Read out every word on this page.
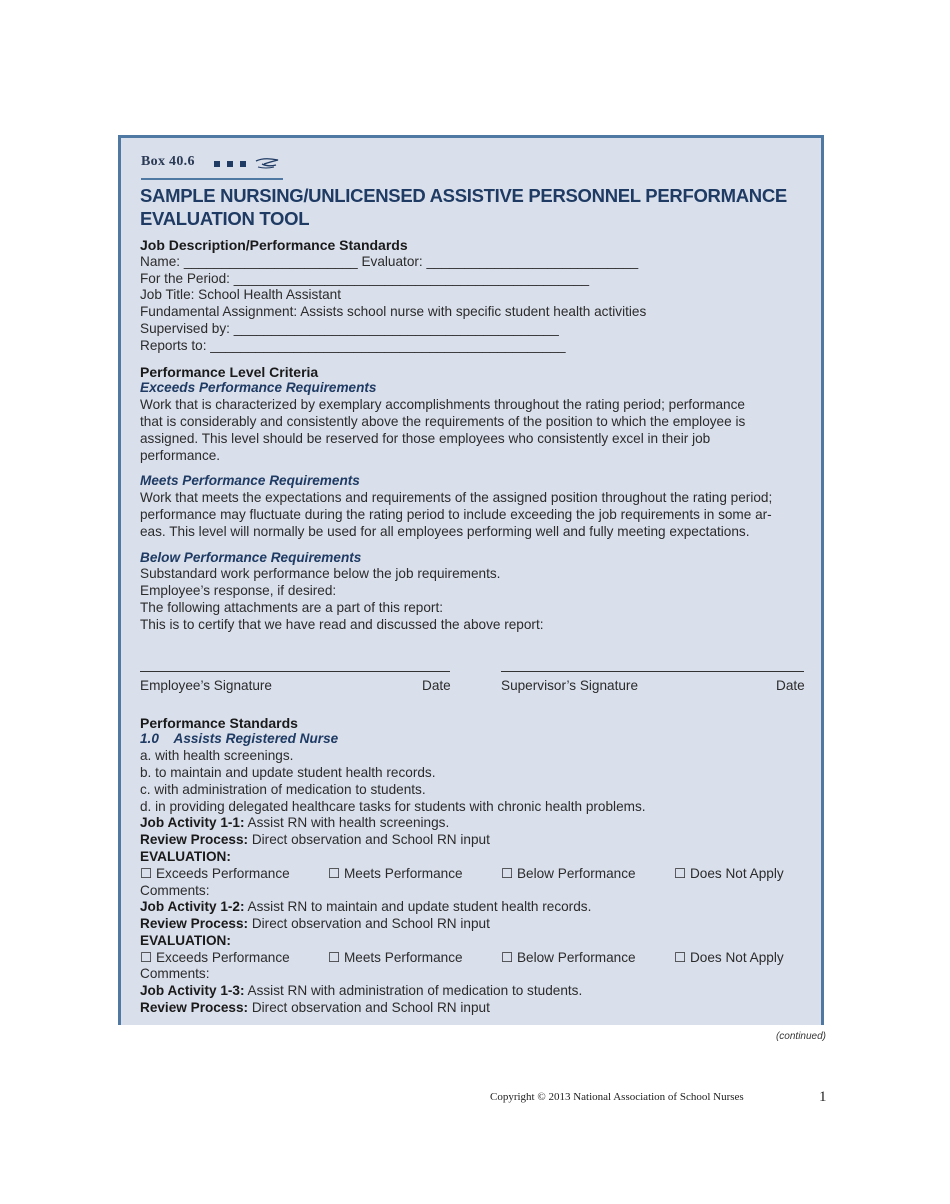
Box 40.6
SAMPLE NURSING/UNLICENSED ASSISTIVE PERSONNEL PERFORMANCE
EVALUATION TOOL
Job Description/Performance Standards
Name: _______________________ Evaluator: ____________________________
For the Period: _______________________________________________
Job Title: School Health Assistant
Fundamental Assignment: Assists school nurse with specific student health activities
Supervised by: ___________________________________________
Reports to: _______________________________________________
Performance Level Criteria
Exceeds Performance Requirements
Work that is characterized by exemplary accomplishments throughout the rating period; performance
that is considerably and consistently above the requirements of the position to which the employee is
assigned. This level should be reserved for those employees who consistently excel in their job
performance.
Meets Performance Requirements
Work that meets the expectations and requirements of the assigned position throughout the rating period;
performance may fluctuate during the rating period to include exceeding the job requirements in some ar-
eas. This level will normally be used for all employees performing well and fully meeting expectations.
Below Performance Requirements
Substandard work performance below the job requirements.
Employee’s response, if desired:
The following attachments are a part of this report:
This is to certify that we have read and discussed the above report:
Employee’s Signature	Date	Supervisor’s Signature	Date
Performance Standards
1.0    Assists Registered Nurse
a. with health screenings.
b. to maintain and update student health records.
c. with administration of medication to students.
d. in providing delegated healthcare tasks for students with chronic health problems.
Job Activity 1-1: Assist RN with health screenings.
Review Process: Direct observation and School RN input
EVALUATION:
☐ Exceeds Performance	☐ Meets Performance	☐ Below Performance	☐ Does Not Apply
Comments:
Job Activity 1-2: Assist RN to maintain and update student health records.
Review Process: Direct observation and School RN input
EVALUATION:
☐ Exceeds Performance	☐ Meets Performance	☐ Below Performance	☐ Does Not Apply
Comments:
Job Activity 1-3: Assist RN with administration of medication to students.
Review Process: Direct observation and School RN input
(continued)
Copyright © 2013 National Association of School Nurses	1
